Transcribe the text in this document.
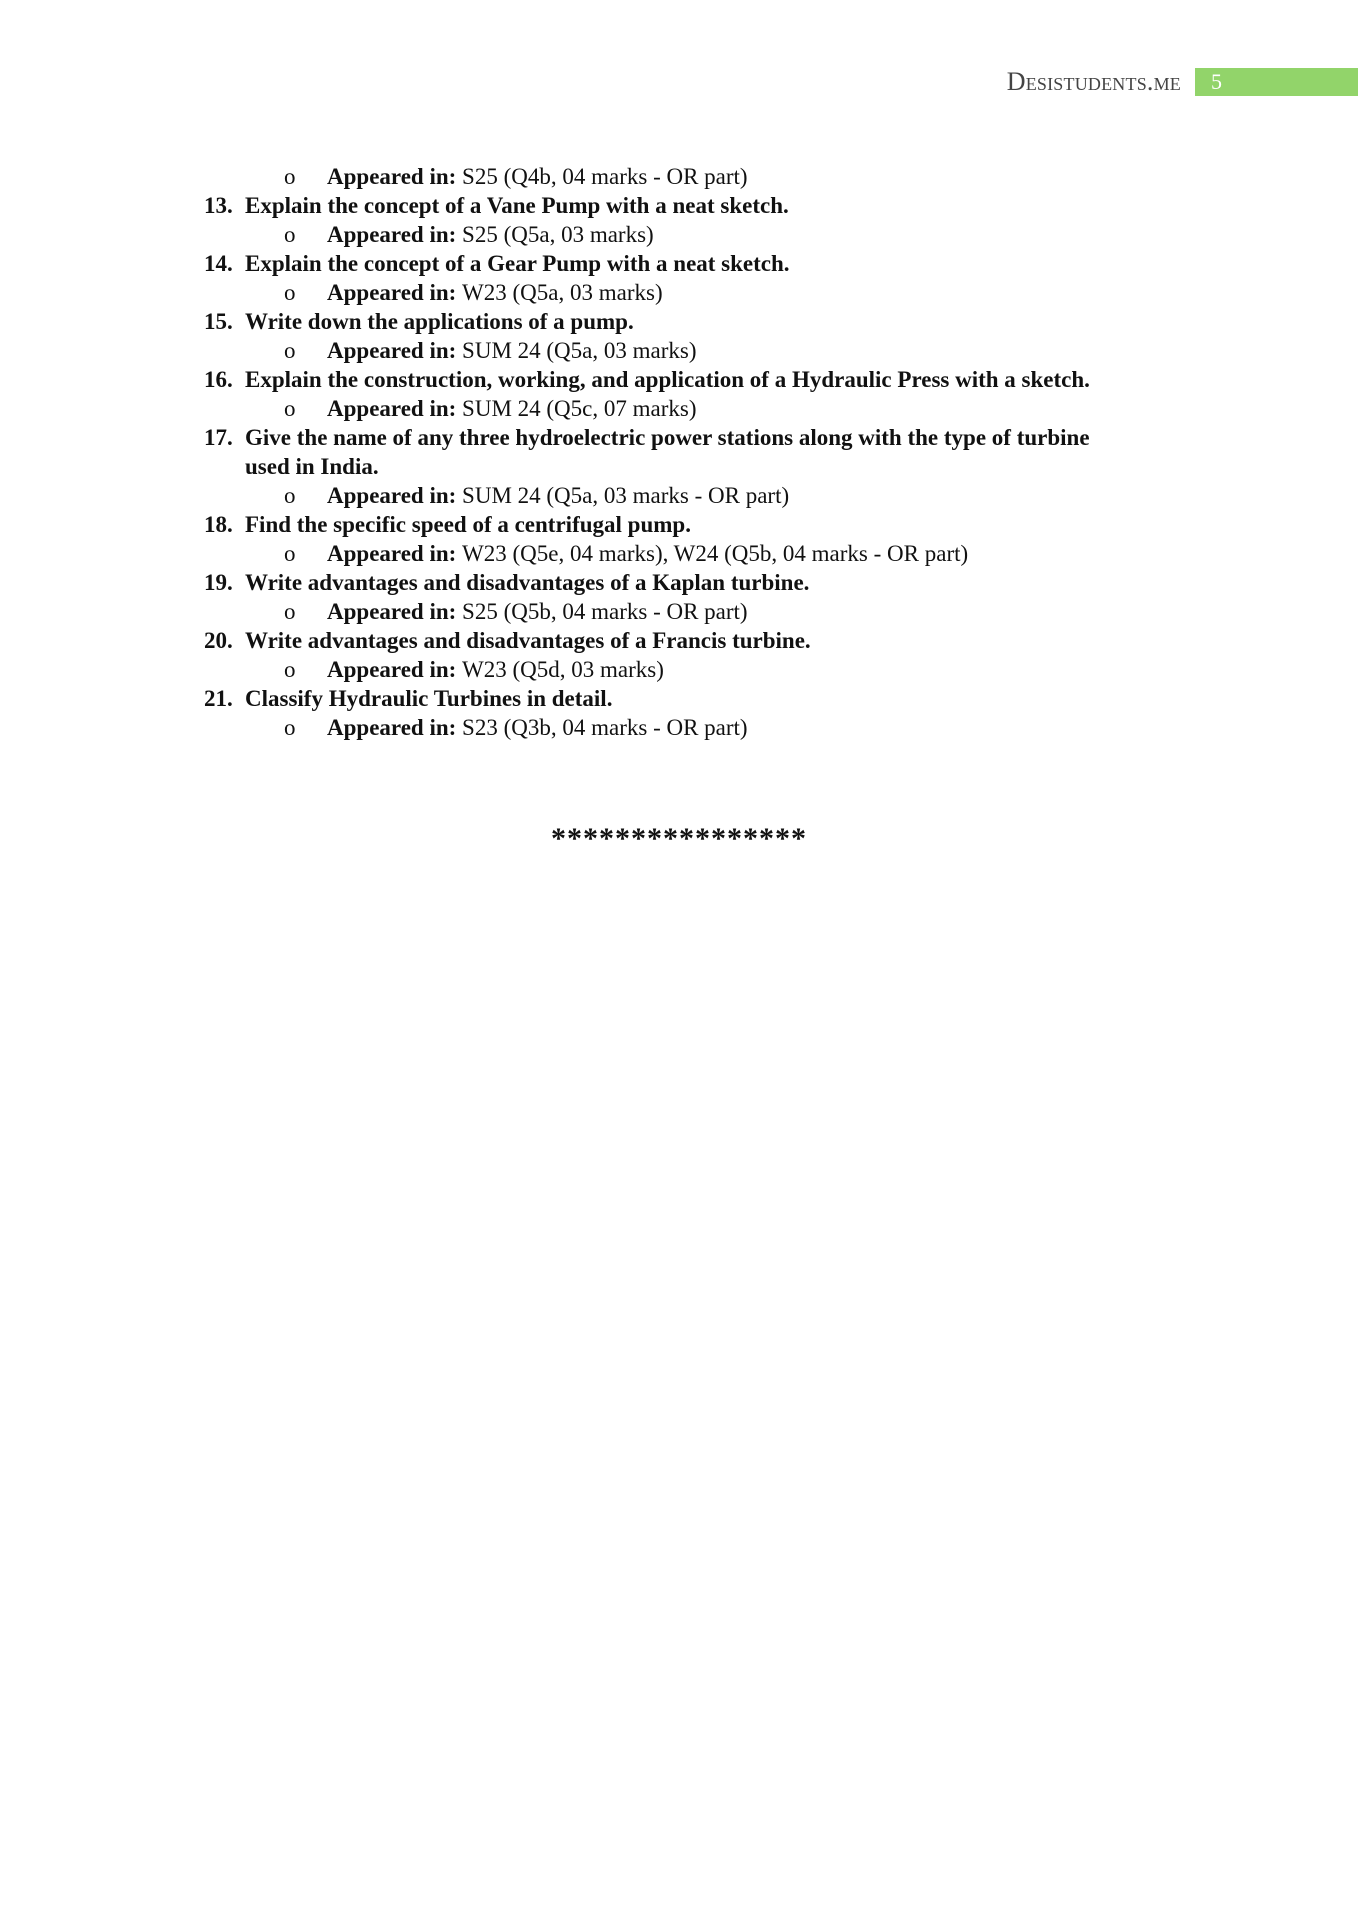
Desistudents.me	5
o Appeared in: S25 (Q4b, 04 marks - OR part)
13. Explain the concept of a Vane Pump with a neat sketch.
o Appeared in: S25 (Q5a, 03 marks)
14. Explain the concept of a Gear Pump with a neat sketch.
o Appeared in: W23 (Q5a, 03 marks)
15. Write down the applications of a pump.
o Appeared in: SUM 24 (Q5a, 03 marks)
16. Explain the construction, working, and application of a Hydraulic Press with a sketch.
o Appeared in: SUM 24 (Q5c, 07 marks)
17. Give the name of any three hydroelectric power stations along with the type of turbine
used in India.
o Appeared in: SUM 24 (Q5a, 03 marks - OR part)
18. Find the specific speed of a centrifugal pump.
o Appeared in: W23 (Q5e, 04 marks), W24 (Q5b, 04 marks - OR part)
19. Write advantages and disadvantages of a Kaplan turbine.
o Appeared in: S25 (Q5b, 04 marks - OR part)
20. Write advantages and disadvantages of a Francis turbine.
o Appeared in: W23 (Q5d, 03 marks)
21. Classify Hydraulic Turbines in detail.
o Appeared in: S23 (Q3b, 04 marks - OR part)
****************
